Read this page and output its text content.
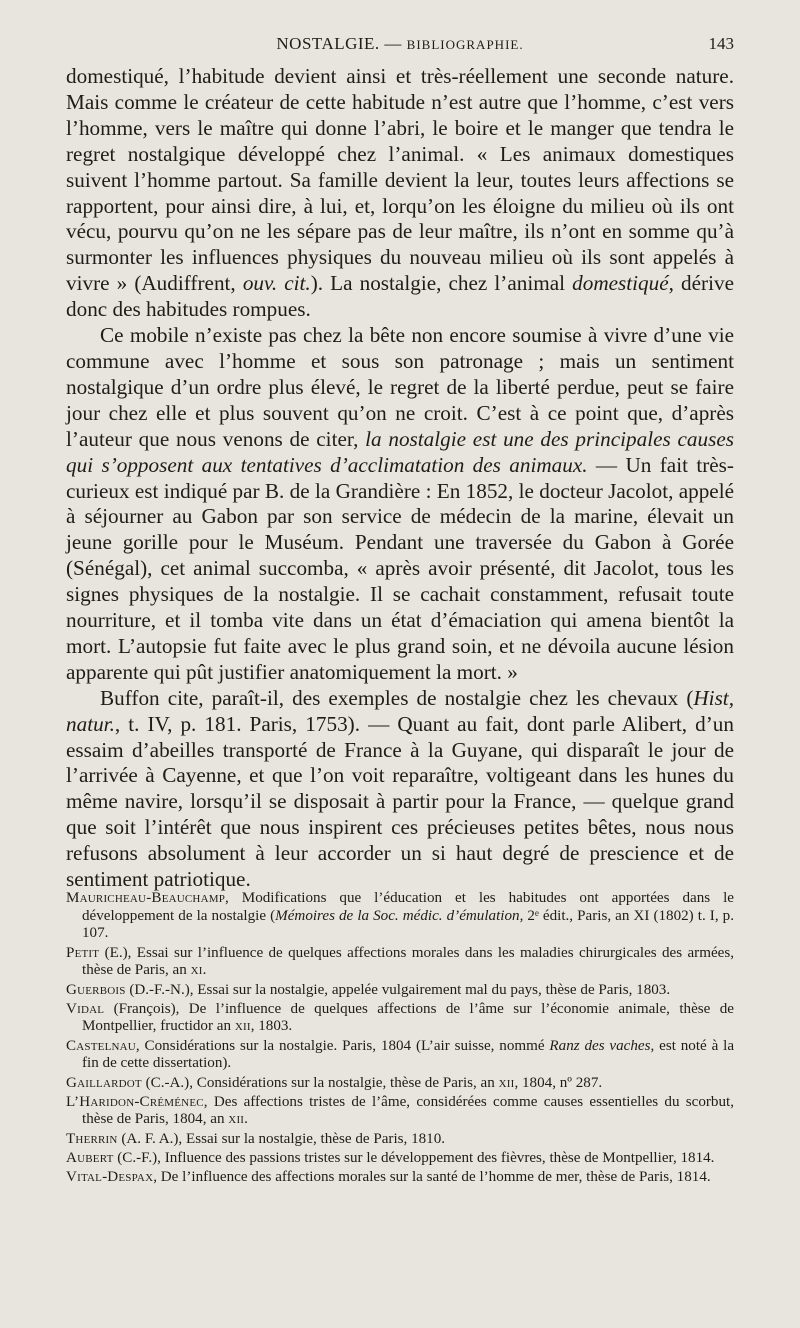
NOSTALGIE. — BIBLIOGRAPHIE.	143

domestiqué, l’habitude devient ainsi et très-réellement une seconde nature. Mais comme le créateur de cette habitude n’est autre que l’homme, c’est vers l’homme, vers le maître qui donne l’abri, le boire et le manger que tendra le regret nostalgique développé chez l’animal. « Les animaux domestiques suivent l’homme partout. Sa famille devient la leur, toutes leurs affections se rapportent, pour ainsi dire, à lui, et, lorqu’on les éloigne du milieu où ils ont vécu, pourvu qu’on ne les sépare pas de leur maître, ils n’ont en somme qu’à surmonter les influences physiques du nouveau milieu où ils sont appelés à vivre » (Audiffrent, ouv. cit.). La nostalgie, chez l’animal domestiqué, dérive donc des habitudes rompues.

Ce mobile n’existe pas chez la bête non encore soumise à vivre d’une vie commune avec l’homme et sous son patronage ; mais un sentiment nostalgique d’un ordre plus élevé, le regret de la liberté perdue, peut se faire jour chez elle et plus souvent qu’on ne croit. C’est à ce point que, d’après l’auteur que nous venons de citer, la nostalgie est une des principales causes qui s’opposent aux tentatives d’acclimatation des animaux. — Un fait très-curieux est indiqué par B. de la Grandière : En 1852, le docteur Jacolot, appelé à séjourner au Gabon par son service de médecin de la marine, élevait un jeune gorille pour le Muséum. Pendant une traversée du Gabon à Gorée (Sénégal), cet animal succomba, « après avoir présenté, dit Jacolot, tous les signes physiques de la nostalgie. Il se cachait constamment, refusait toute nourriture, et il tomba vite dans un état d’émaciation qui amena bientôt la mort. L’autopsie fut faite avec le plus grand soin, et ne dévoila aucune lésion apparente qui pût justifier anatomiquement la mort. »

Buffon cite, paraît-il, des exemples de nostalgie chez les chevaux (Hist, natur., t. IV, p. 181. Paris, 1753). — Quant au fait, dont parle Alibert, d’un essaim d’abeilles transporté de France à la Guyane, qui disparaît le jour de l’arrivée à Cayenne, et que l’on voit reparaître, voltigeant dans les hunes du même navire, lorsqu’il se disposait à partir pour la France, — quelque grand que soit l’intérêt que nous inspirent ces précieuses petites bêtes, nous nous refusons absolument à leur accorder un si haut degré de prescience et de sentiment patriotique.

Mauricheau-Beauchamp, Modifications que l’éducation et les habitudes ont apportées dans le développement de la nostalgie (Mémoires de la Soc. médic. d’émulation, 2ᵉ édit., Paris, an XI (1802) t. I, p. 107.

Petit (E.), Essai sur l’influence de quelques affections morales dans les maladies chirurgicales des armées, thèse de Paris, an xi.

Guerbois (D.-F.-N.), Essai sur la nostalgie, appelée vulgairement mal du pays, thèse de Paris, 1803.

Vidal (François), De l’influence de quelques affections de l’âme sur l’économie animale, thèse de Montpellier, fructidor an xii, 1803.

Castelnau, Considérations sur la nostalgie. Paris, 1804 (L’air suisse, nommé Ranz des vaches, est noté à la fin de cette dissertation).

Gaillardot (C.-A.), Considérations sur la nostalgie, thèse de Paris, an xii, 1804, nº 287.

L’Haridon-Créménec, Des affections tristes de l’âme, considérées comme causes essentielles du scorbut, thèse de Paris, 1804, an xii.

Therrin (A. F. A.), Essai sur la nostalgie, thèse de Paris, 1810.

Aubert (C.-F.), Influence des passions tristes sur le développement des fièvres, thèse de Montpellier, 1814.

Vital-Despax, De l’influence des affections morales sur la santé de l’homme de mer, thèse de Paris, 1814.
